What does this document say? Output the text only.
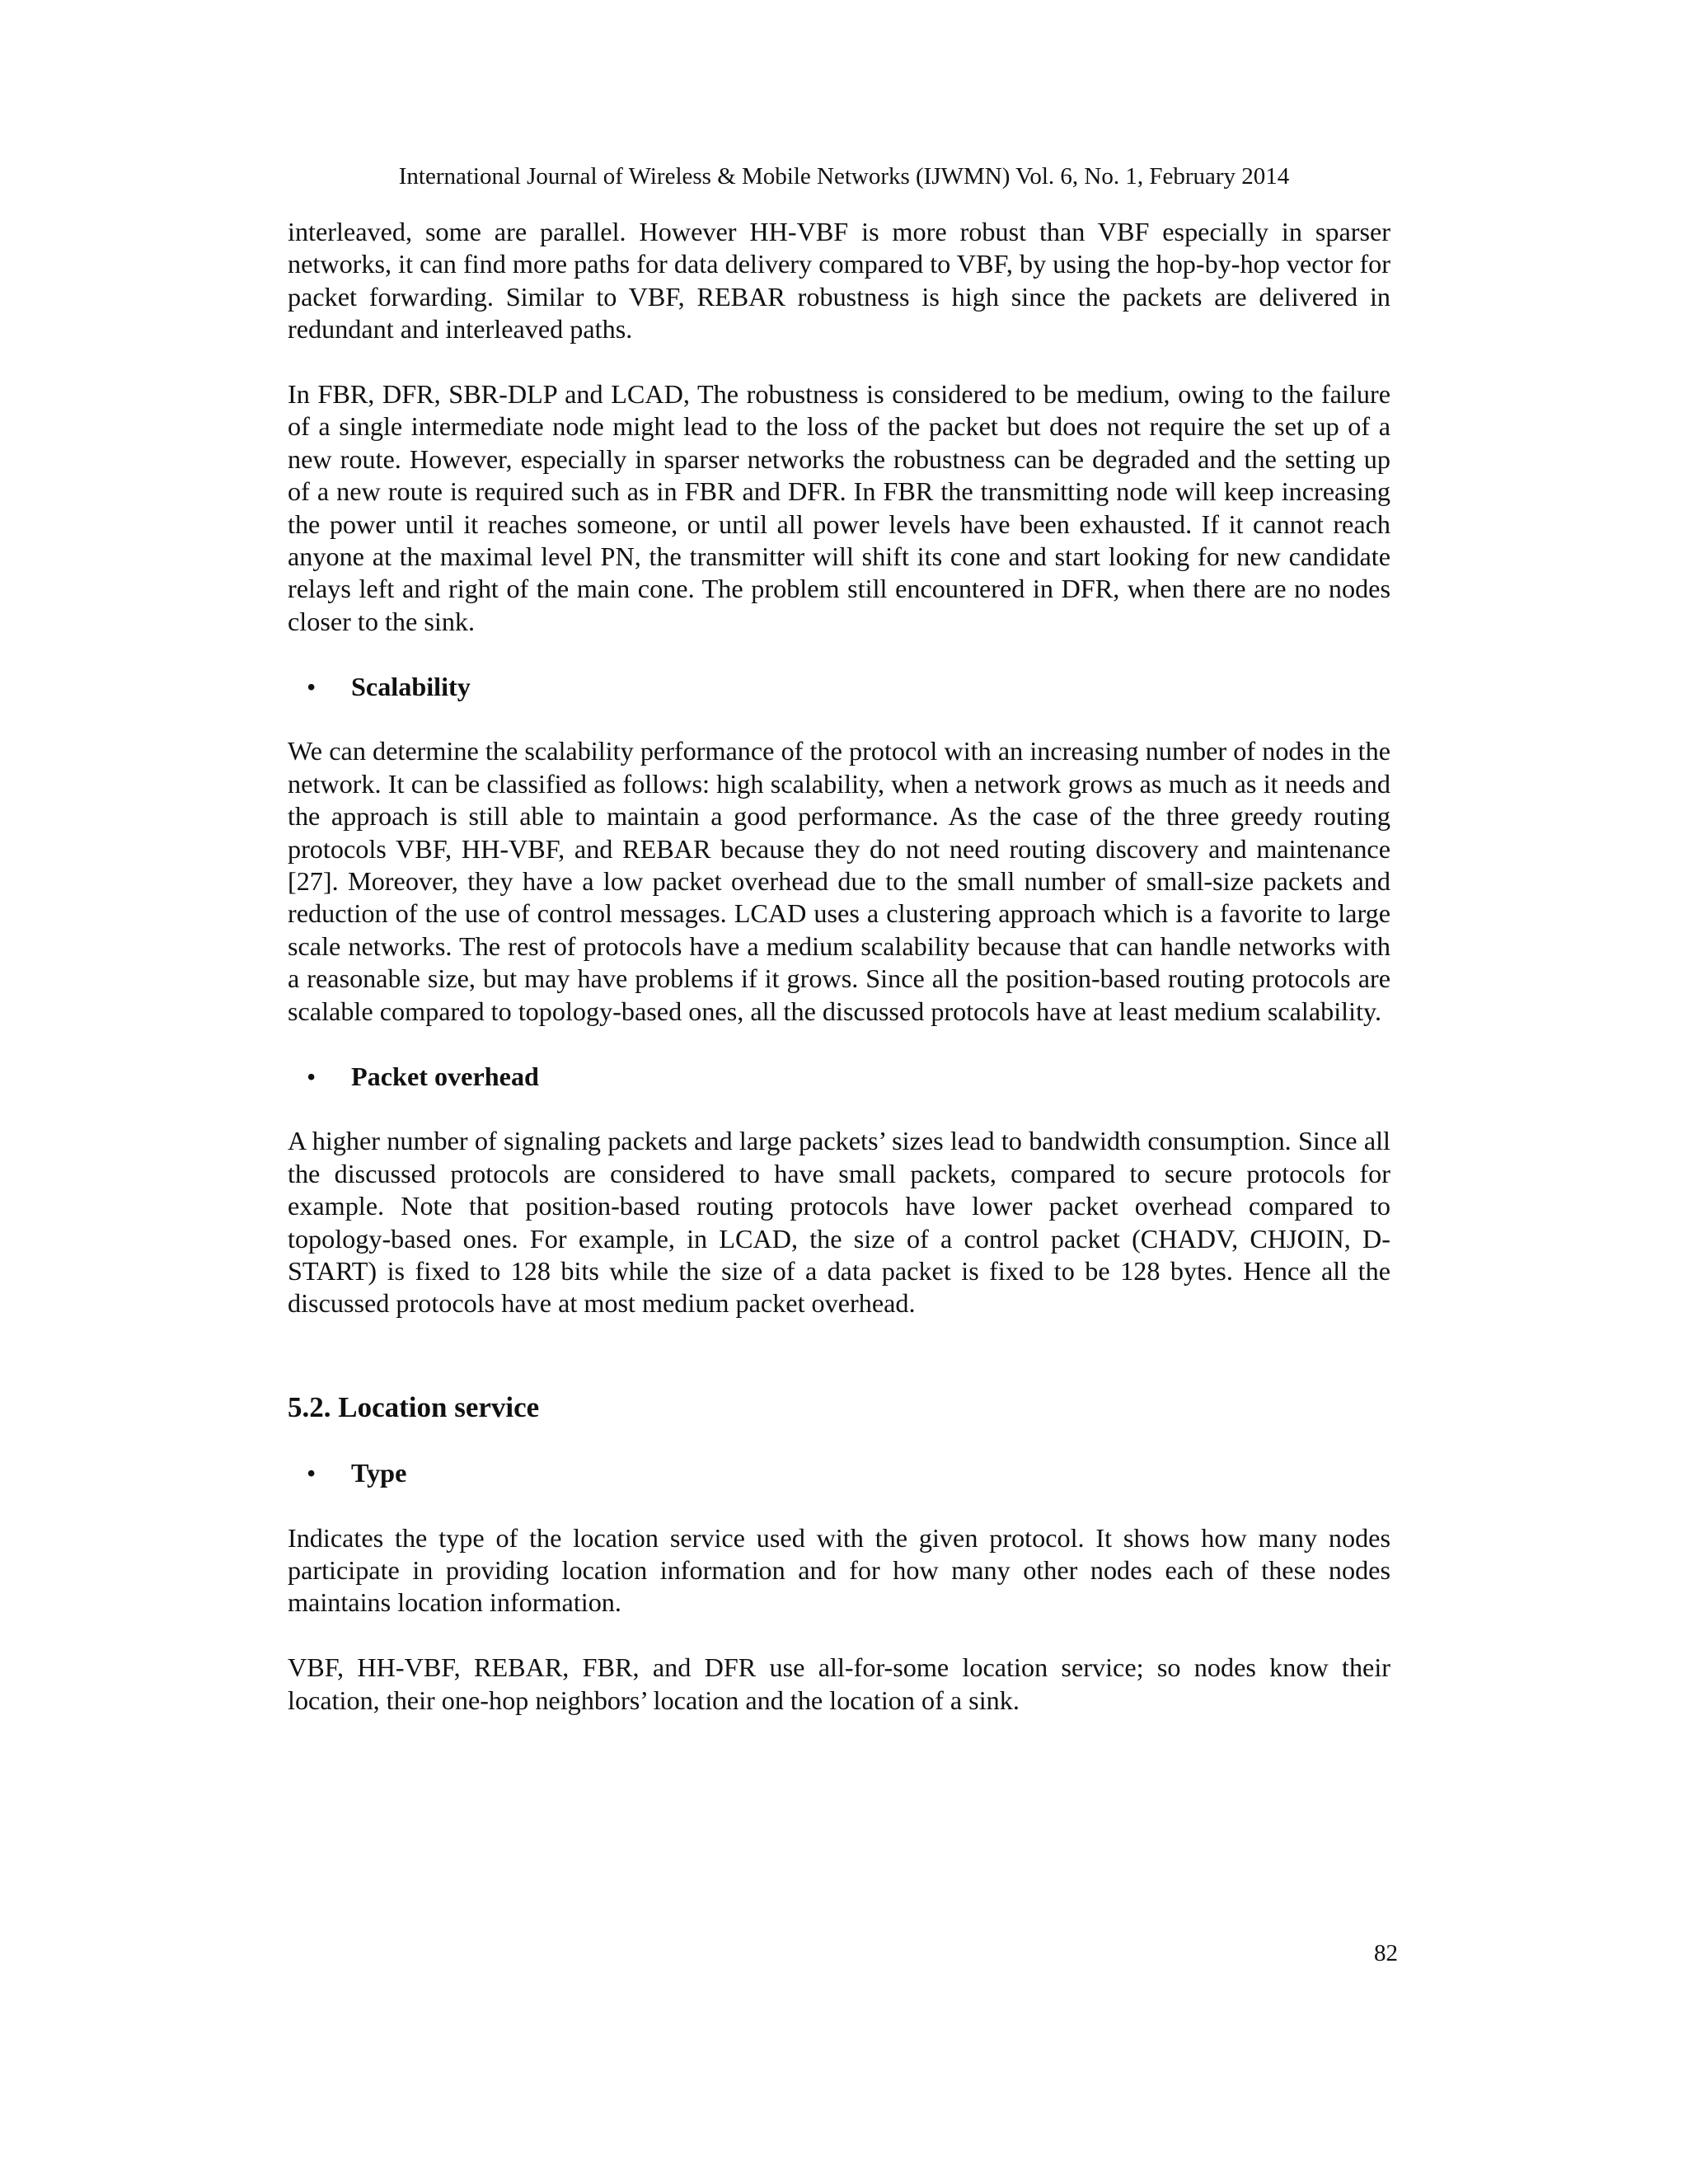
International Journal of Wireless & Mobile Networks (IJWMN) Vol. 6, No. 1, February 2014

interleaved, some are parallel. However HH-VBF is more robust than VBF especially in sparser networks, it can find more paths for data delivery compared to VBF, by using the hop-by-hop vector for packet forwarding. Similar to VBF, REBAR robustness is high since the packets are delivered in redundant and interleaved paths.

In FBR, DFR, SBR-DLP and LCAD, The robustness is considered to be medium, owing to the failure of a single intermediate node might lead to the loss of the packet but does not require the set up of a new route. However, especially in sparser networks the robustness can be degraded and the setting up of a new route is required such as in FBR and DFR. In FBR the transmitting node will keep increasing the power until it reaches someone, or until all power levels have been exhausted. If it cannot reach anyone at the maximal level PN, the transmitter will shift its cone and start looking for new candidate relays left and right of the main cone. The problem still encountered in DFR, when there are no nodes closer to the sink.

• Scalability

We can determine the scalability performance of the protocol with an increasing number of nodes in the network. It can be classified as follows: high scalability, when a network grows as much as it needs and the approach is still able to maintain a good performance. As the case of the three greedy routing protocols VBF, HH-VBF, and REBAR because they do not need routing discovery and maintenance [27]. Moreover, they have a low packet overhead due to the small number of small-size packets and reduction of the use of control messages. LCAD uses a clustering approach which is a favorite to large scale networks. The rest of protocols have a medium scalability because that can handle networks with a reasonable size, but may have problems if it grows. Since all the position-based routing protocols are scalable compared to topology-based ones, all the discussed protocols have at least medium scalability.

• Packet overhead

A higher number of signaling packets and large packets’ sizes lead to bandwidth consumption. Since all the discussed protocols are considered to have small packets, compared to secure protocols for example. Note that position-based routing protocols have lower packet overhead compared to topology-based ones. For example, in LCAD, the size of a control packet (CHADV, CHJOIN, D-START) is fixed to 128 bits while the size of a data packet is fixed to be 128 bytes. Hence all the discussed protocols have at most medium packet overhead.

5.2. Location service
• Type

Indicates the type of the location service used with the given protocol. It shows how many nodes participate in providing location information and for how many other nodes each of these nodes maintains location information.

VBF, HH-VBF, REBAR, FBR, and DFR use all-for-some location service; so nodes know their location, their one-hop neighbors’ location and the location of a sink.

82
